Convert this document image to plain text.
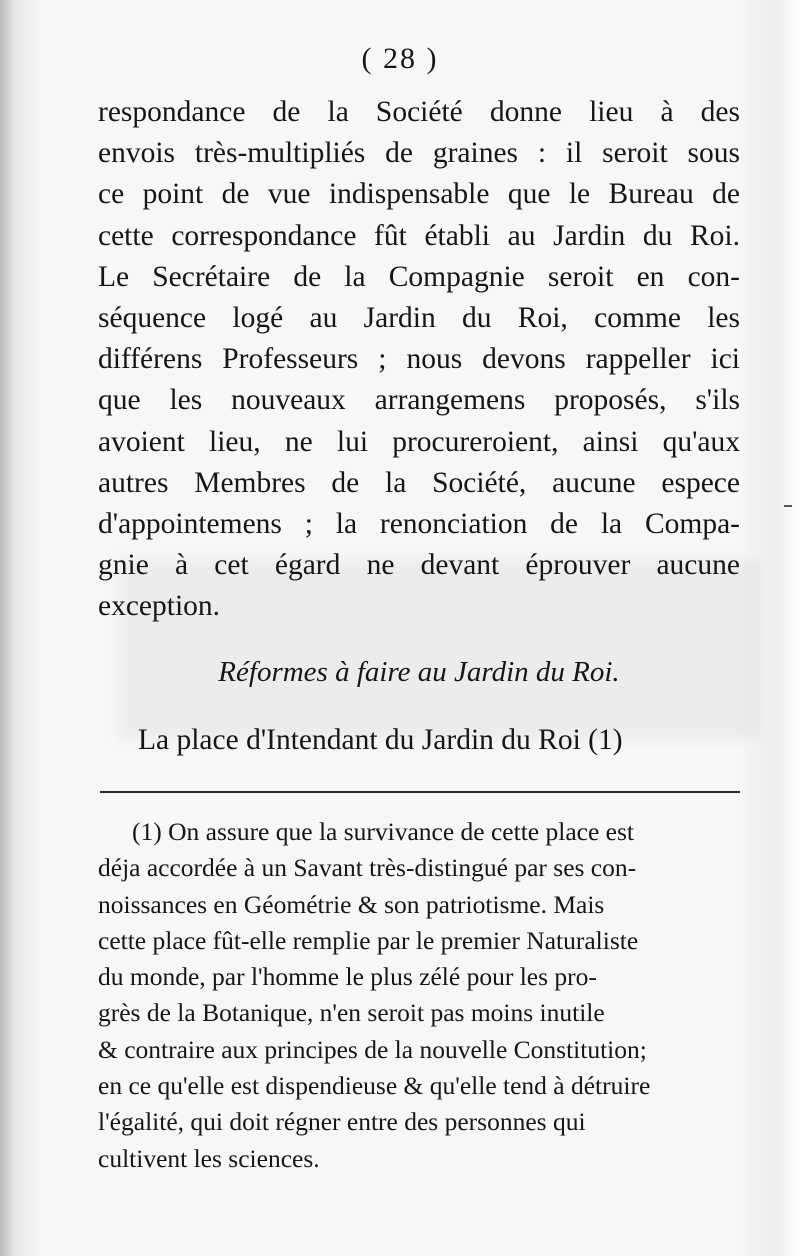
( 28 )
respondance de la Société donne lieu à des
envois très-multipliés de graines : il seroit sous
ce point de vue indispensable que le Bureau de
cette correspondance fût établi au Jardin du Roi.
Le Secrétaire de la Compagnie seroit en con-
séquence logé au Jardin du Roi, comme les
différens Professeurs ; nous devons rappeller ici
que les nouveaux arrangemens proposés, s'ils
avoient lieu, ne lui procureroient, ainsi qu'aux
autres Membres de la Société, aucune espece
d'appointemens ; la renonciation de la Compa-
gnie à cet égard ne devant éprouver aucune
exception.
Réformes à faire au Jardin du Roi.
La place d'Intendant du Jardin du Roi (1)
(1) On assure que la survivance de cette place est
déja accordée à un Savant très-distingué par ses con-
noissances en Géométrie & son patriotisme. Mais
cette place fût-elle remplie par le premier Naturaliste
du monde, par l'homme le plus zélé pour les pro-
grès de la Botanique, n'en seroit pas moins inutile
& contraire aux principes de la nouvelle Constitution;
en ce qu'elle est dispendieuse & qu'elle tend à détruire
l'égalité, qui doit régner entre des personnes qui
cultivent les sciences.
